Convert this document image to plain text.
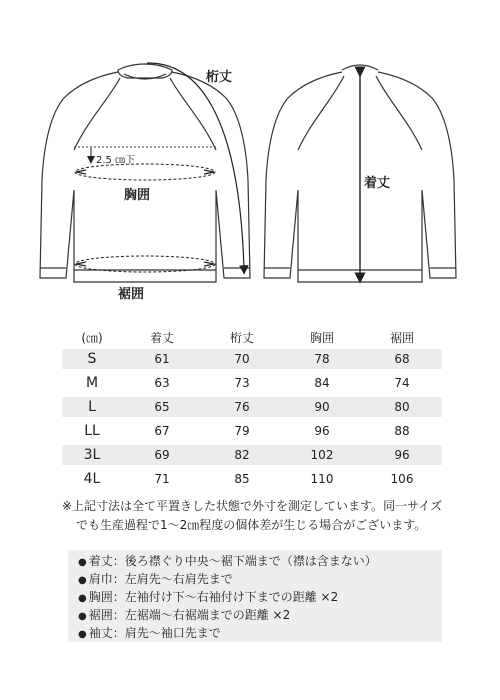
桁丈
2.5 ㎝下
胸囲
裾囲
着丈
(㎝)	着丈	桁丈	胸囲	裾囲
S	61	70	78	68
M	63	73	84	74
L	65	76	90	80
LL	67	79	96	88
3L	69	82	102	96
4L	71	85	110	106

※上記寸法は全て平置きした状態で外寸を測定しています。同一サイズ

でも生産過程で1〜2㎝程度の個体差が生じる場合がございます。

● 着丈：後ろ襟ぐり中央〜裾下端まで（襟は含まない）
● 肩巾：左肩先〜右肩先まで
● 胸囲：左袖付け下〜右袖付け下までの距離 ×2
● 裾囲：左裾端〜右裾端までの距離 ×2
● 袖丈：肩先〜袖口先まで
